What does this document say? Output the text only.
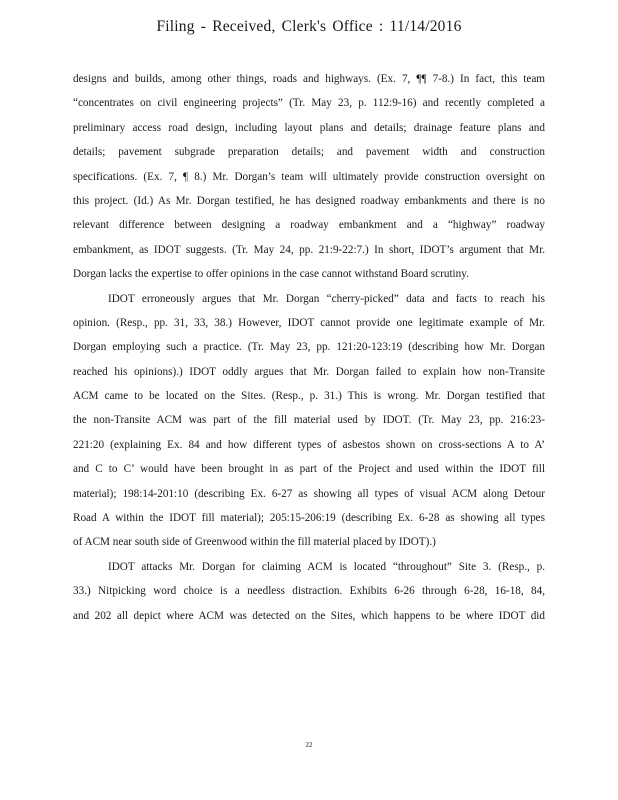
Filing - Received, Clerk's Office : 11/14/2016

designs and builds, among other things, roads and highways. (Ex. 7, ¶¶ 7-8.) In fact, this team
“concentrates on civil engineering projects” (Tr. May 23, p. 112:9-16) and recently completed a
preliminary access road design, including layout plans and details; drainage feature plans and
details; pavement subgrade preparation details; and pavement width and construction
specifications. (Ex. 7, ¶ 8.) Mr. Dorgan’s team will ultimately provide construction oversight on
this project. (Id.) As Mr. Dorgan testified, he has designed roadway embankments and there is no
relevant difference between designing a roadway embankment and a “highway” roadway
embankment, as IDOT suggests. (Tr. May 24, pp. 21:9-22:7.) In short, IDOT’s argument that Mr.
Dorgan lacks the expertise to offer opinions in the case cannot withstand Board scrutiny.

IDOT erroneously argues that Mr. Dorgan “cherry-picked” data and facts to reach his
opinion. (Resp., pp. 31, 33, 38.) However, IDOT cannot provide one legitimate example of Mr.
Dorgan employing such a practice. (Tr. May 23, pp. 121:20-123:19 (describing how Mr. Dorgan
reached his opinions).) IDOT oddly argues that Mr. Dorgan failed to explain how non-Transite
ACM came to be located on the Sites. (Resp., p. 31.) This is wrong. Mr. Dorgan testified that
the non-Transite ACM was part of the fill material used by IDOT. (Tr. May 23, pp. 216:23-
221:20 (explaining Ex. 84 and how different types of asbestos shown on cross-sections A to A’
and C to C’ would have been brought in as part of the Project and used within the IDOT fill
material); 198:14-201:10 (describing Ex. 6-27 as showing all types of visual ACM along Detour
Road A within the IDOT fill material); 205:15-206:19 (describing Ex. 6-28 as showing all types
of ACM near south side of Greenwood within the fill material placed by IDOT).)

IDOT attacks Mr. Dorgan for claiming ACM is located “throughout” Site 3. (Resp., p.
33.) Nitpicking word choice is a needless distraction. Exhibits 6-26 through 6-28, 16-18, 84,
and 202 all depict where ACM was detected on the Sites, which happens to be where IDOT did

22
